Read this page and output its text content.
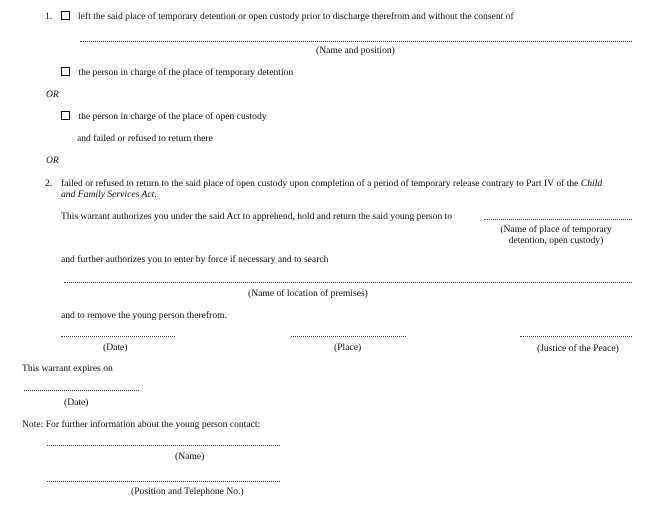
1.	left the said place of temporary detention or open custody prior to discharge therefrom and without the consent of
(Name and position)
the person in charge of the place of temporary detention
OR
the person in charge of the place of open custody
and failed or refused to return there
OR
2. failed or refused to return to the said place of open custody upon completion of a period of temporary release contrary to Part IV of the Child
and Family Services Act.
This warrant authorizes you under the said Act to apprehend, hold and return the said young person to
(Name of place of temporary
detention, open custody)
and further authorizes you to enter by force if necessary and to search
(Name of location of premises)
and to remove the young person therefrom.
(Date)	(Place)	(Justice of the Peace)
This warrant expires on
(Date)
Note: For further information about the young person contact:
(Name)
(Position and Telephone No.)
